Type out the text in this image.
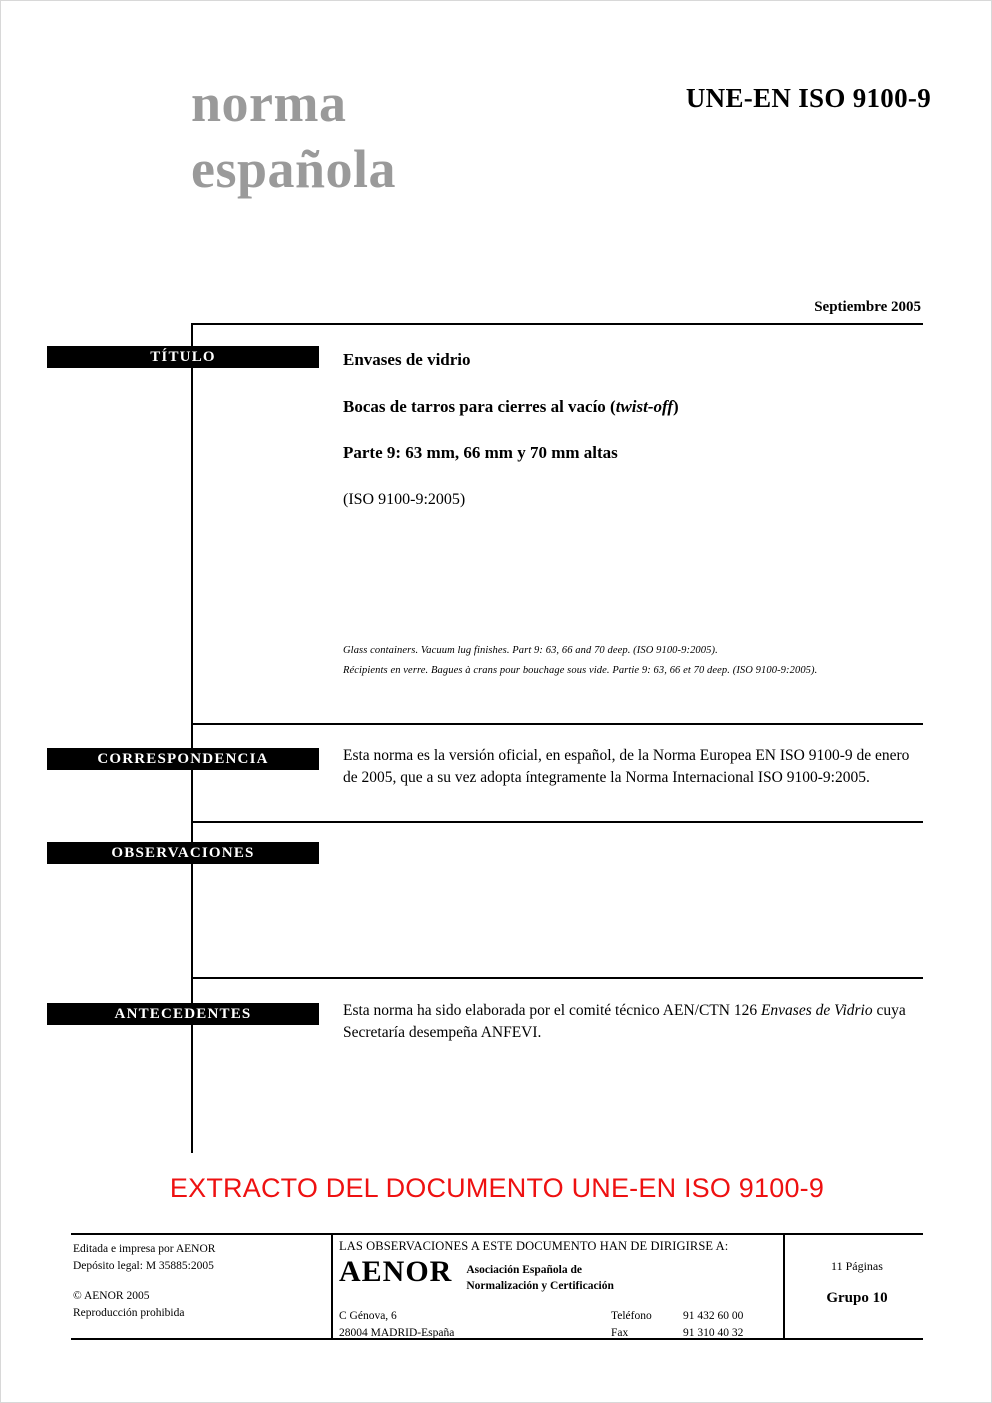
norma
española
UNE-EN ISO 9100-9
Septiembre 2005
TÍTULO	Envases de vidrio
Bocas de tarros para cierres al vacío (twist-off)
Parte 9: 63 mm, 66 mm y 70 mm altas
(ISO 9100-9:2005)
Glass containers. Vacuum lug finishes. Part 9: 63, 66 and 70 deep. (ISO 9100-9:2005).
Récipients en verre. Bagues à crans pour bouchage sous vide. Partie 9: 63, 66 et 70 deep. (ISO 9100-9:2005).
CORRESPONDENCIA	Esta norma es la versión oficial, en español, de la Norma Europea EN ISO 9100-9 de enero de 2005, que a su vez adopta íntegramente la Norma Internacional ISO 9100-9:2005.
OBSERVACIONES
ANTECEDENTES	Esta norma ha sido elaborada por el comité técnico AEN/CTN 126 Envases de Vidrio cuya Secretaría desempeña ANFEVI.
EXTRACTO DEL DOCUMENTO UNE-EN ISO 9100-9
Editada e impresa por AENOR
Depósito legal: M 35885:2005
© AENOR 2005
Reproducción prohibida
LAS OBSERVACIONES A ESTE DOCUMENTO HAN DE DIRIGIRSE A:
AENOR Asociación Española de
Normalización y Certificación
C Génova, 6
28004 MADRID-España
Teléfono	91 432 60 00
Fax	91 310 40 32
11 Páginas
Grupo 10
